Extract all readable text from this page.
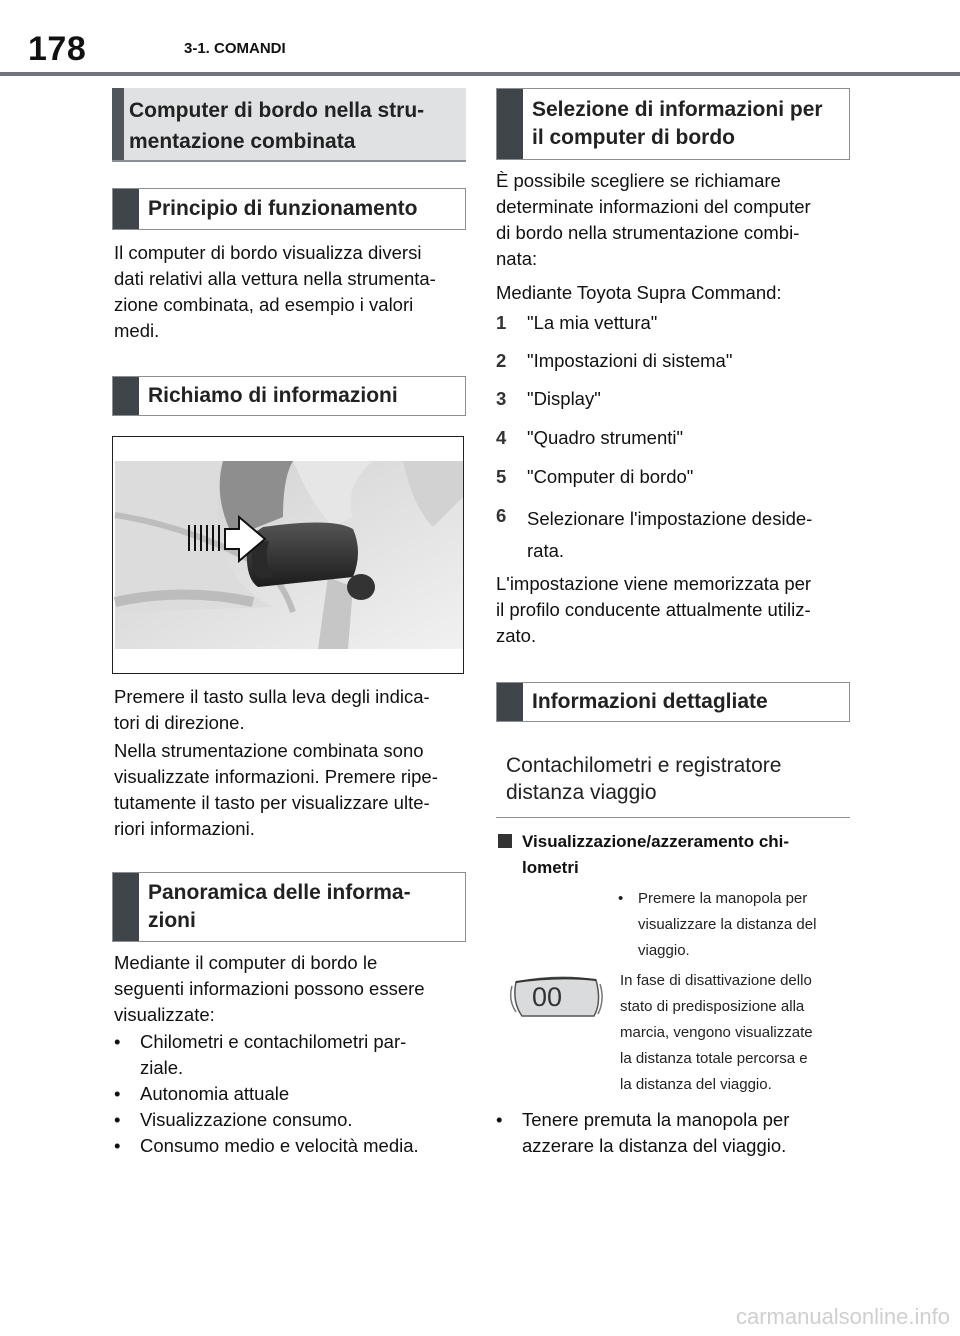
178	3-1. COMANDI
Computer di bordo nella stru-
mentazione combinata
Principio di funzionamento
Il computer di bordo visualizza diversi
dati relativi alla vettura nella strumenta-
zione combinata, ad esempio i valori
medi.
Richiamo di informazioni
Premere il tasto sulla leva degli indica-
tori di direzione.
Nella strumentazione combinata sono
visualizzate informazioni. Premere ripe-
tutamente il tasto per visualizzare ulte-
riori informazioni.
Panoramica delle informa-
zioni
Mediante il computer di bordo le
seguenti informazioni possono essere
visualizzate:
• Chilometri e contachilometri par-
ziale.
• Autonomia attuale
• Visualizzazione consumo.
• Consumo medio e velocità media.
Selezione di informazioni per
il computer di bordo
È possibile scegliere se richiamare
determinate informazioni del computer
di bordo nella strumentazione combi-
nata:
Mediante Toyota Supra Command:
1 "La mia vettura"
2 "Impostazioni di sistema"
3 "Display"
4 "Quadro strumenti"
5 "Computer di bordo"
6 Selezionare l'impostazione deside-
rata.
L'impostazione viene memorizzata per
il profilo conducente attualmente utiliz-
zato.
Informazioni dettagliate
Contachilometri e registratore
distanza viaggio
Visualizzazione/azzeramento chi-
lometri
• Premere la manopola per
visualizzare la distanza del
viaggio.
00
In fase di disattivazione dello
stato di predisposizione alla
marcia, vengono visualizzate
la distanza totale percorsa e
la distanza del viaggio.
• Tenere premuta la manopola per
azzerare la distanza del viaggio.
carmanualsonline.info
